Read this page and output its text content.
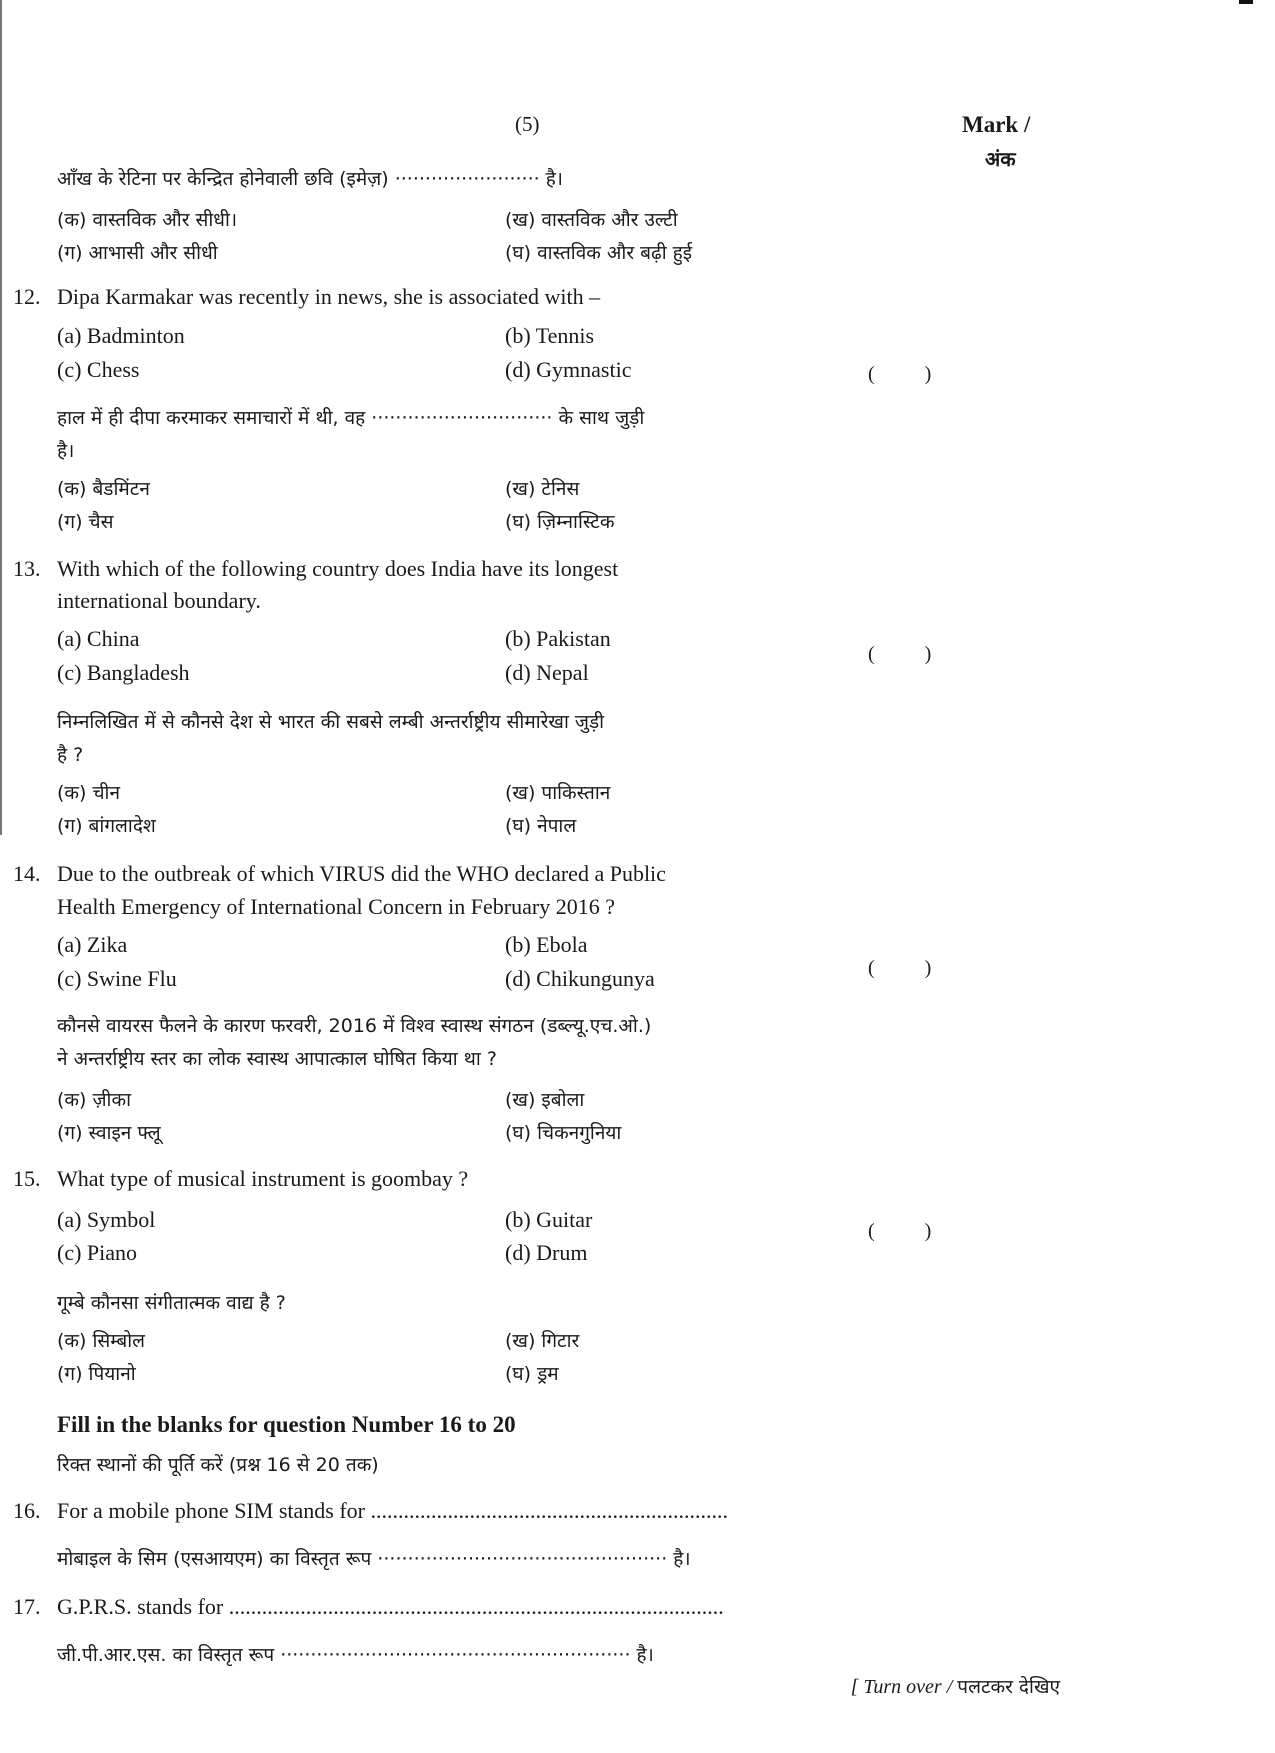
(5)	Mark /
अंक
आँख के रेटिना पर केन्द्रित होनेवाली छवि (इमेज़) ························ है।
(क) वास्तविक और सीधी।	(ख) वास्तविक और उल्टी
(ग) आभासी और सीधी	(घ) वास्तविक और बढ़ी हुई
12. Dipa Karmakar was recently in news, she is associated with –
(a) Badminton	(b) Tennis
(c) Chess	(d) Gymnastic	(          )
हाल में ही दीपा करमाकर समाचारों में थी, वह ······························ के साथ जुड़ी
है।
(क) बैडमिंटन	(ख) टेनिस
(ग) चैस	(घ) ज़िम्नास्टिक
13. With which of the following country does India have its longest
international boundary.
(a) China	(b) Pakistan
(c) Bangladesh	(d) Nepal
(          )
निम्नलिखित में से कौनसे देश से भारत की सबसे लम्बी अन्तर्राष्ट्रीय सीमारेखा जुड़ी
है ?
(क) चीन	(ख) पाकिस्तान
(ग) बांगलादेश	(घ) नेपाल
14. Due to the outbreak of which VIRUS did the WHO declared a Public
Health Emergency of International Concern in February 2016 ?
(a) Zika	(b) Ebola
(c) Swine Flu	(d) Chikungunya	(          )
कौनसे वायरस फैलने के कारण फरवरी, 2016 में विश्व स्वास्थ संगठन (डब्ल्यू.एच.ओ.)
ने अन्तर्राष्ट्रीय स्तर का लोक स्वास्थ आपात्काल घोषित किया था ?
(क) ज़ीका	(ख) इबोला
(ग) स्वाइन फ्लू	(घ) चिकनगुनिया
15. What type of musical instrument is goombay ?
(a) Symbol	(b) Guitar
(c) Piano	(d) Drum
(          )
गूम्बे कौनसा संगीतात्मक वाद्य है ?
(क) सिम्बोल	(ख) गिटार
(ग) पियानो	(घ) ड्रम
Fill in the blanks for question Number 16 to 20
रिक्त स्थानों की पूर्ति करें (प्रश्न 16 से 20 तक)
16. For a mobile phone SIM stands for .................................................................
मोबाइल के सिम (एसआयएम) का विस्तृत रूप ················································ है।
17. G.P.R.S. stands for ..........................................................................................
जी.पी.आर.एस. का विस्तृत रूप ·························································· है।
[ Turn over / पलटकर देखिए
